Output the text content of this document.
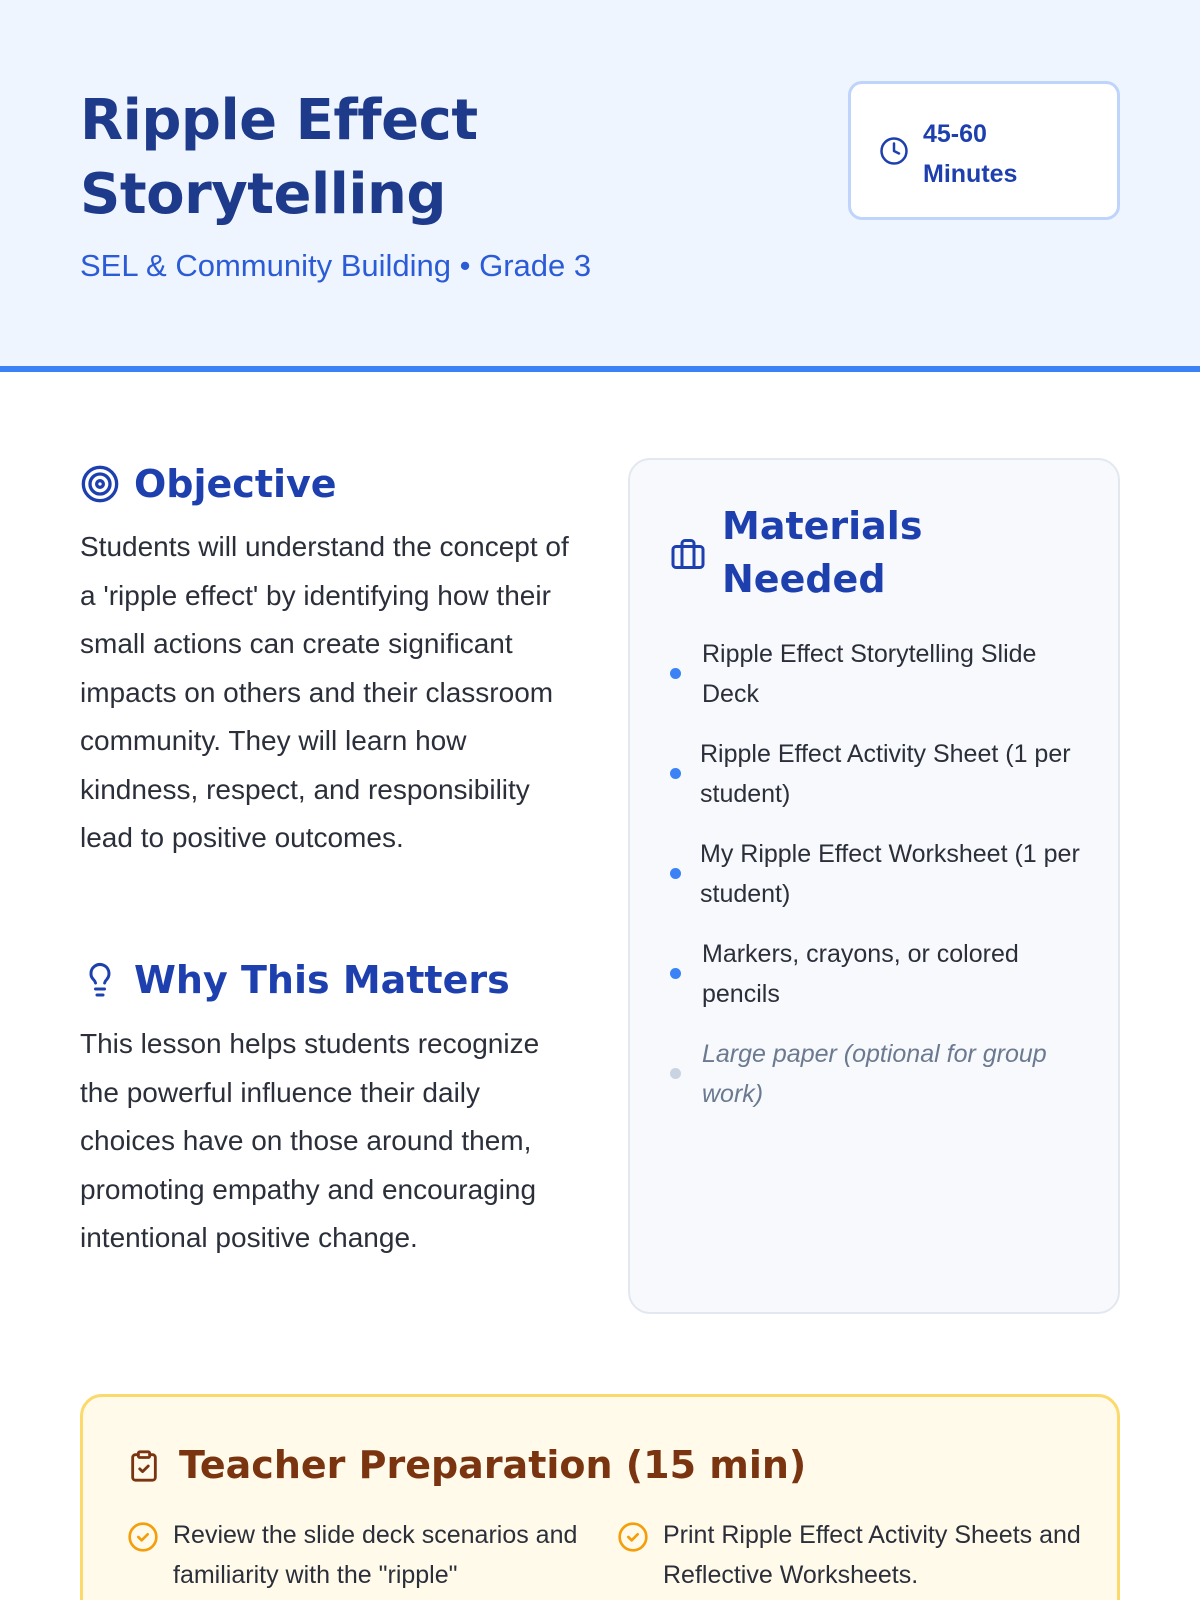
Ripple Effect Storytelling
SEL & Community Building • Grade 3
45-60 Minutes
Objective
Students will understand the concept of a 'ripple effect' by identifying how their small actions can create significant impacts on others and their classroom community. They will learn how kindness, respect, and responsibility lead to positive outcomes.
Why This Matters
This lesson helps students recognize the powerful influence their daily choices have on those around them, promoting empathy and encouraging intentional positive change.
Materials Needed
Ripple Effect Storytelling Slide Deck
Ripple Effect Activity Sheet (1 per student)
My Ripple Effect Worksheet (1 per student)
Markers, crayons, or colored pencils
Large paper (optional for group work)
Teacher Preparation (15 min)
Review the slide deck scenarios and familiarity with the "ripple"
Print Ripple Effect Activity Sheets and Reflective Worksheets.
